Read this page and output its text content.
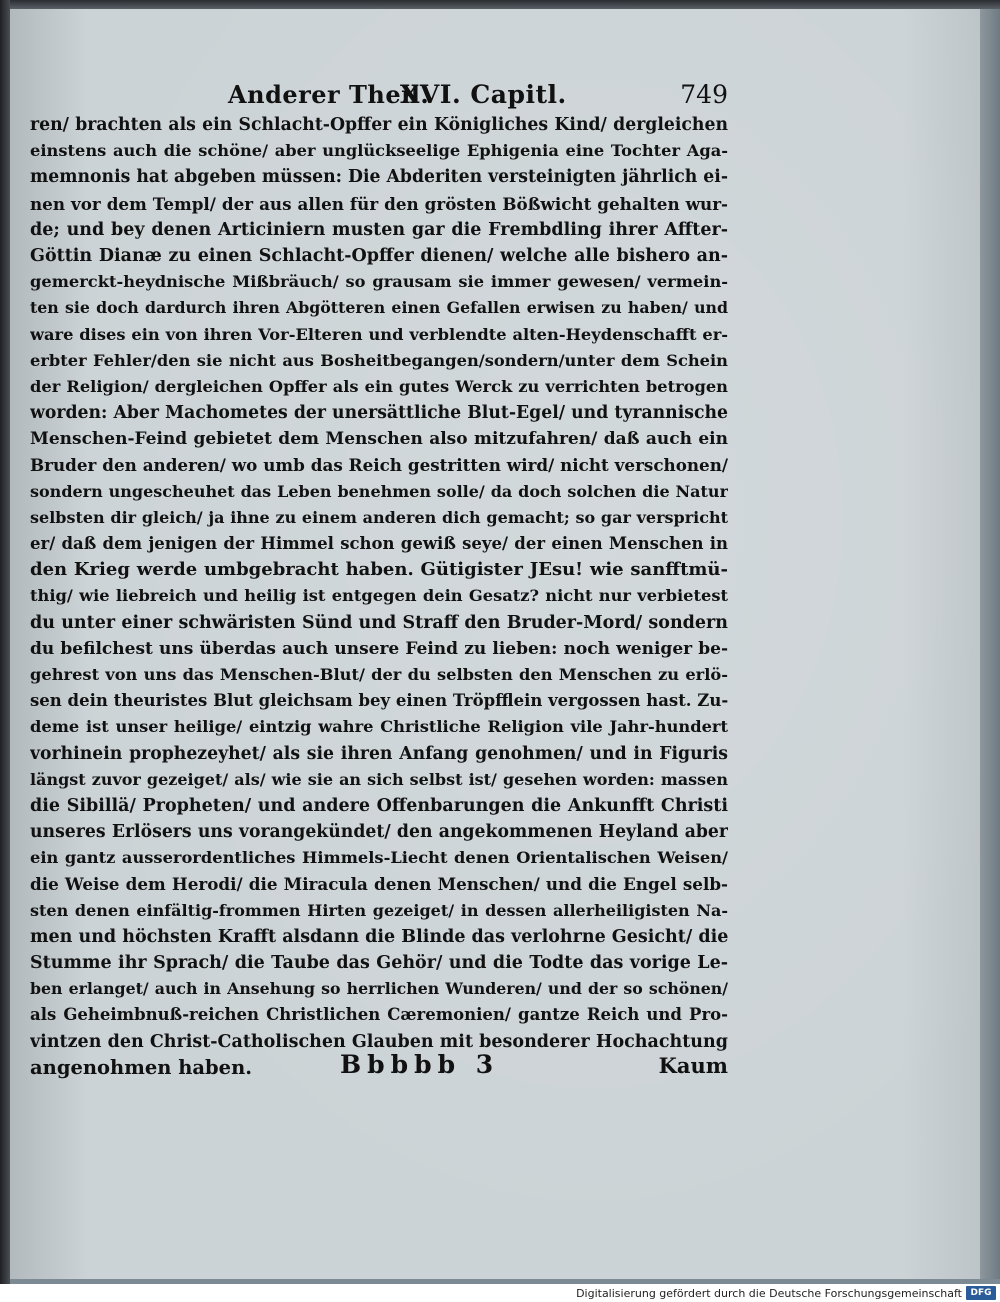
Anderer Theil.
XVI. Capitl.	749
ren/ brachten als ein Schlacht-Opffer ein Königliches Kind/ dergleichen
einstens auch die schöne/ aber unglückseelige Ephigenia eine Tochter Aga-
memnonis hat abgeben müssen: Die Abderiten versteinigten jährlich ei-
nen vor dem Templ/ der aus allen für den grösten Bößwicht gehalten wur-
de; und bey denen Articiniern musten gar die Frembdling ihrer Affter-
Göttin Dianæ zu einen Schlacht-Opffer dienen/ welche alle bishero an-
gemerckt-heydnische Mißbräuch/ so grausam sie immer gewesen/ vermein-
ten sie doch dardurch ihren Abgötteren einen Gefallen erwisen zu haben/ und
ware dises ein von ihren Vor-Elteren und verblendte alten-Heydenschafft er-
erbter Fehler/den sie nicht aus Bosheitbegangen/sondern/unter dem Schein
der Religion/ dergleichen Opffer als ein gutes Werck zu verrichten betrogen
worden: Aber Machometes der unersättliche Blut-Egel/ und tyrannische
Menschen-Feind gebietet dem Menschen also mitzufahren/ daß auch ein
Bruder den anderen/ wo umb das Reich gestritten wird/ nicht verschonen/
sondern ungescheuhet das Leben benehmen solle/ da doch solchen die Natur
selbsten dir gleich/ ja ihne zu einem anderen dich gemacht; so gar verspricht
er/ daß dem jenigen der Himmel schon gewiß seye/ der einen Menschen in
den Krieg werde umbgebracht haben. Gütigister JEsu! wie sanfftmü-
thig/ wie liebreich und heilig ist entgegen dein Gesatz? nicht nur verbietest
du unter einer schwäristen Sünd und Straff den Bruder-Mord/ sondern
du befilchest uns überdas auch unsere Feind zu lieben: noch weniger be-
gehrest von uns das Menschen-Blut/ der du selbsten den Menschen zu erlö-
sen dein theuristes Blut gleichsam bey einen Tröpfflein vergossen hast. Zu-
deme ist unser heilige/ eintzig wahre Christliche Religion vile Jahr-hundert
vorhinein prophezeyhet/ als sie ihren Anfang genohmen/ und in Figuris
längst zuvor gezeiget/ als/ wie sie an sich selbst ist/ gesehen worden: massen
die Sibillä/ Propheten/ und andere Offenbarungen die Ankunfft Christi
unseres Erlösers uns vorangekündet/ den angekommenen Heyland aber
ein gantz ausserordentliches Himmels-Liecht denen Orientalischen Weisen/
die Weise dem Herodi/ die Miracula denen Menschen/ und die Engel selb-
sten denen einfältig-frommen Hirten gezeiget/ in dessen allerheiligisten Na-
men und höchsten Krafft alsdann die Blinde das verlohrne Gesicht/ die
Stumme ihr Sprach/ die Taube das Gehör/ und die Todte das vorige Le-
ben erlanget/ auch in Ansehung so herrlichen Wunderen/ und der so schönen/
als Geheimbnuß-reichen Christlichen Cæremonien/ gantze Reich und Pro-
vintzen den Christ-Catholischen Glauben mit besonderer Hochachtung
angenohmen haben.	Bbbbb 3	Kaum
Digitalisierung gefördert durch die Deutsche Forschungsgemeinschaft DFG
